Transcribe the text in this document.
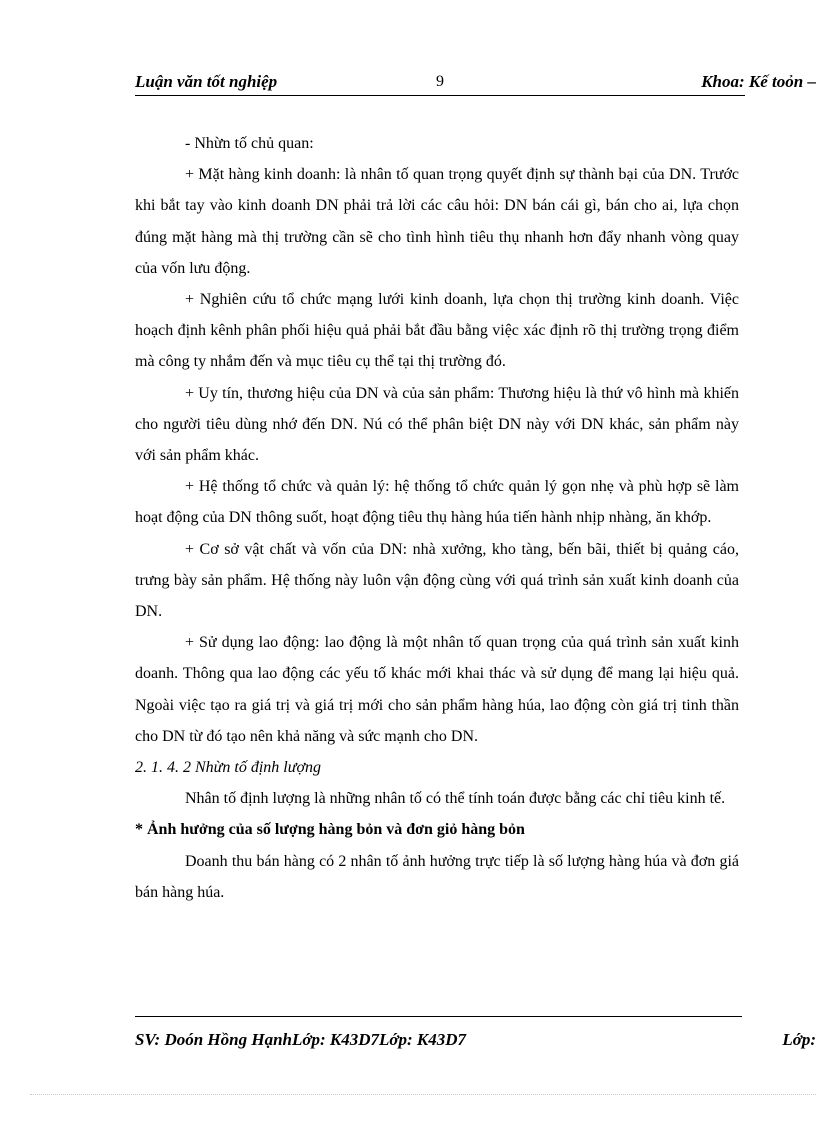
Luận văn tốt nghiệp	9	Khoa: Kế toỏn –

- Nhừn tố chủ quan:

+ Mặt hàng kinh doanh: là nhân tố quan trọng quyết định sự thành bại của DN. Trước khi bắt tay vào kinh doanh DN phải trả lời các câu hỏi: DN bán cái gì, bán cho ai, lựa chọn đúng mặt hàng mà thị trường cần sẽ cho tình hình tiêu thụ nhanh hơn đẩy nhanh vòng quay của vốn lưu động.

+ Nghiên cứu tổ chức mạng lưới kinh doanh, lựa chọn thị trường kinh doanh. Việc hoạch định kênh phân phối hiệu quả phải bắt đầu bằng việc xác định rõ thị trường trọng điểm mà công ty nhắm đến và mục tiêu cụ thể tại thị trường đó.

+ Uy tín, thương hiệu của DN và của sản phẩm: Thương hiệu là thứ vô hình mà khiến cho người tiêu dùng nhớ đến DN. Nú có thể phân biệt DN này với DN khác, sản phẩm này với sản phẩm khác.

+ Hệ thống tổ chức và quản lý: hệ thống tổ chức quản lý gọn nhẹ và phù hợp sẽ làm hoạt động của DN thông suốt, hoạt động tiêu thụ hàng húa tiến hành nhịp nhàng, ăn khớp.

+ Cơ sở vật chất và vốn của DN: nhà xưởng, kho tàng, bến bãi, thiết bị quảng cáo, trưng bày sản phẩm. Hệ thống này luôn vận động cùng với quá trình sản xuất kinh doanh của DN.

+ Sử dụng lao động: lao động là một nhân tố quan trọng của quá trình sản xuất kinh doanh. Thông qua lao động các yếu tố khác mới khai thác và sử dụng để mang lại hiệu quả. Ngoài việc tạo ra giá trị và giá trị mới cho sản phẩm hàng húa, lao động còn giá trị tinh thần cho DN từ đó tạo nên khả năng và sức mạnh cho DN.

2. 1. 4. 2 Nhừn tố định lượng

Nhân tố định lượng là những nhân tố có thể tính toán được bằng các chỉ tiêu kinh tế.

* Ảnh hưởng của số lượng hàng bỏn và đơn giỏ hàng bỏn

Doanh thu bán hàng có 2 nhân tố ảnh hưởng trực tiếp là số lượng hàng húa và đơn giá bán hàng húa.

SV: Doón Hồng HạnhLớp: K43D7Lớp: K43D7	Lớp:
